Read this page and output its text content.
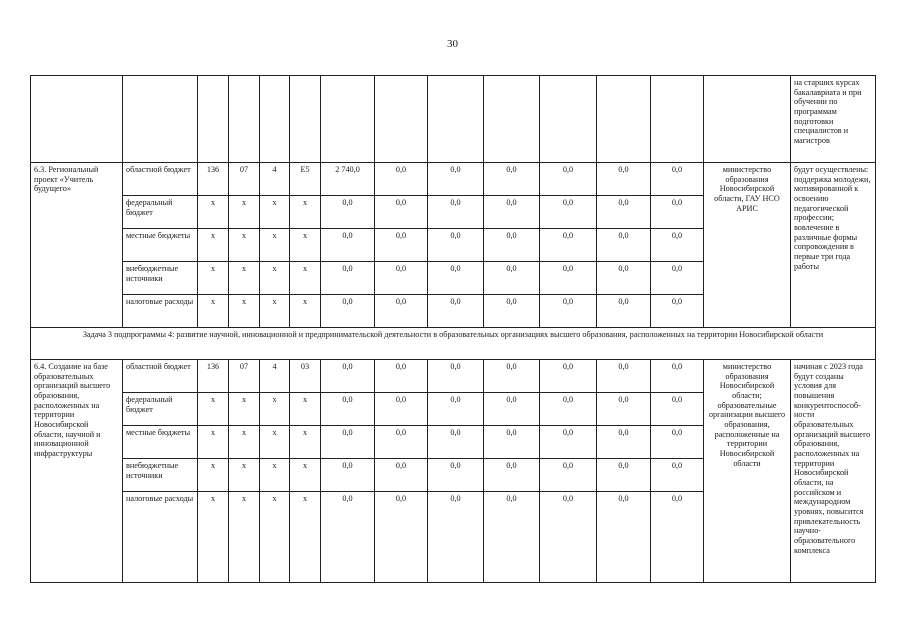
30
														на старших курсах бакалавриата и при обучении по программам подготовки специалистов и магистров
6.3. Региональный проект «Учитель будущего»	областной бюджет	136	07	4	E5	2 740,0	0,0	0,0	0,0	0,0	0,0	0,0	министерство образования Новосибирской области, ГАУ НСО АРИС	будут осуществлены: поддержка молодежи, мотивированной к освоению педагогической профессии; вовлечение в различные формы сопровождения в первые три года работы
	федеральный бюджет	x	x	x	x	0,0	0,0	0,0	0,0	0,0	0,0	0,0		
	местные бюджеты	x	x	x	x	0,0	0,0	0,0	0,0	0,0	0,0	0,0		
	внебюджетные источники	x	x	x	x	0,0	0,0	0,0	0,0	0,0	0,0	0,0		
	налоговые расходы	x	x	x	x	0,0	0,0	0,0	0,0	0,0	0,0	0,0		
Задача 3 подпрограммы 4: развитие научной, инновационной и предпринимательской деятельности в образовательных организациях высшего образования, расположенных на территории Новосибирской области														
6.4. Создание на базе образовательных организаций высшего образования, расположенных на территории Новосибирской области, научной и инновационной инфраструктуры	областной бюджет	136	07	4	03	0,0	0,0	0,0	0,0	0,0	0,0	0,0	министерство образования Новосибирской области; образовательные организации высшего образования, расположенные на территории Новосибирской области	начиная с 2023 года будут созданы условия для повышения конкурентоспособ-ности образовательных организаций высшего образования, расположенных на территории Новосибирской области, на российском и международном уровнях, повысится привлекательность научно-образовательного комплекса
	федеральный бюджет	x	x	x	x	0,0	0,0	0,0	0,0	0,0	0,0	0,0		
	местные бюджеты	x	x	x	x	0,0	0,0	0,0	0,0	0,0	0,0	0,0		
	внебюджетные источники	x	x	x	x	0,0	0,0	0,0	0,0	0,0	0,0	0,0		
	налоговые расходы	x	x	x	x	0,0	0,0	0,0	0,0	0,0	0,0	0,0		
